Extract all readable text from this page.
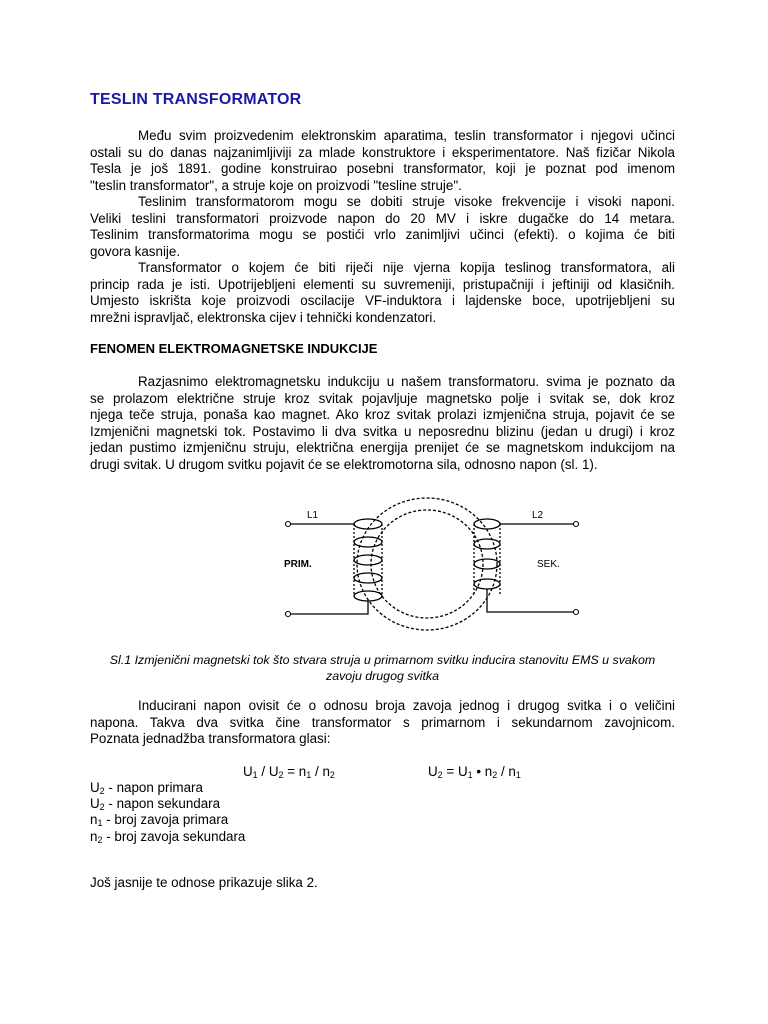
TESLIN TRANSFORMATOR

Među svim proizvedenim elektronskim aparatima, teslin transformator i njegovi učinci
ostali su do danas najzanimljiviji za mlade konstruktore i eksperimentatore. Naš fizičar Nikola
Tesla je još 1891. godine konstruirao posebni transformator, koji je poznat pod imenom
"teslin transformator", a struje koje on proizvodi "tesline struje".

Teslinim transformatorom mogu se dobiti struje visoke frekvencije i visoki naponi.
Veliki teslini transformatori proizvode napon do 20 MV i iskre dugačke do 14 metara.
Teslinim transformatorima mogu se postići vrlo zanimljivi učinci (efekti). o kojima će biti
govora kasnije.

Transformator o kojem će biti riječi nije vjerna kopija teslinog transformatora, ali
princip rada je isti. Upotrijebljeni elementi su suvremeniji, pristupačniji i jeftiniji od klasičnih.
Umjesto iskrišta koje proizvodi oscilacije VF-induktora i lajdenske boce, upotrijebljeni su
mrežni ispravljač, elektronska cijev i tehnički kondenzatori.

FENOMEN ELEKTROMAGNETSKE INDUKCIJE

Razjasnimo elektromagnetsku indukciju u našem transformatoru. svima je poznato da
se prolazom električne struje kroz svitak pojavljuje magnetsko polje i svitak se, dok kroz
njega teče struja, ponaša kao magnet. Ako kroz svitak prolazi izmjenična struja, pojavit će se
Izmjenični magnetski tok. Postavimo li dva svitka u neposrednu blizinu (jedan u drugi) i kroz
jedan pustimo izmjeničnu struju, električna energija prenijet će se magnetskom indukcijom na
drugi svitak. U drugom svitku pojavit će se elektromotorna sila, odnosno napon (sl. 1).

L1	L2
PRIM.	SEK.

Sl.1 Izmjenični magnetski tok što stvara struja u primarnom svitku inducira stanovitu EMS u svakom
zavoju drugog svitka

Inducirani napon ovisit će o odnosu broja zavoja jednog i drugog svitka i o veličini
napona. Takva dva svitka čine transformator s primarnom i sekundarnom zavojnicom.
Poznata jednadžba transformatora glasi:

$U_1 / U_2 = n_1 / n_2$	$U_2 = U_1$ • $n_2 / n_1$
$U_2$ - napon primara
$U_2$ - napon sekundara
$n_1$ - broj zavoja primara
$n_2$ - broj zavoja sekundara

Još jasnije te odnose prikazuje slika 2.
